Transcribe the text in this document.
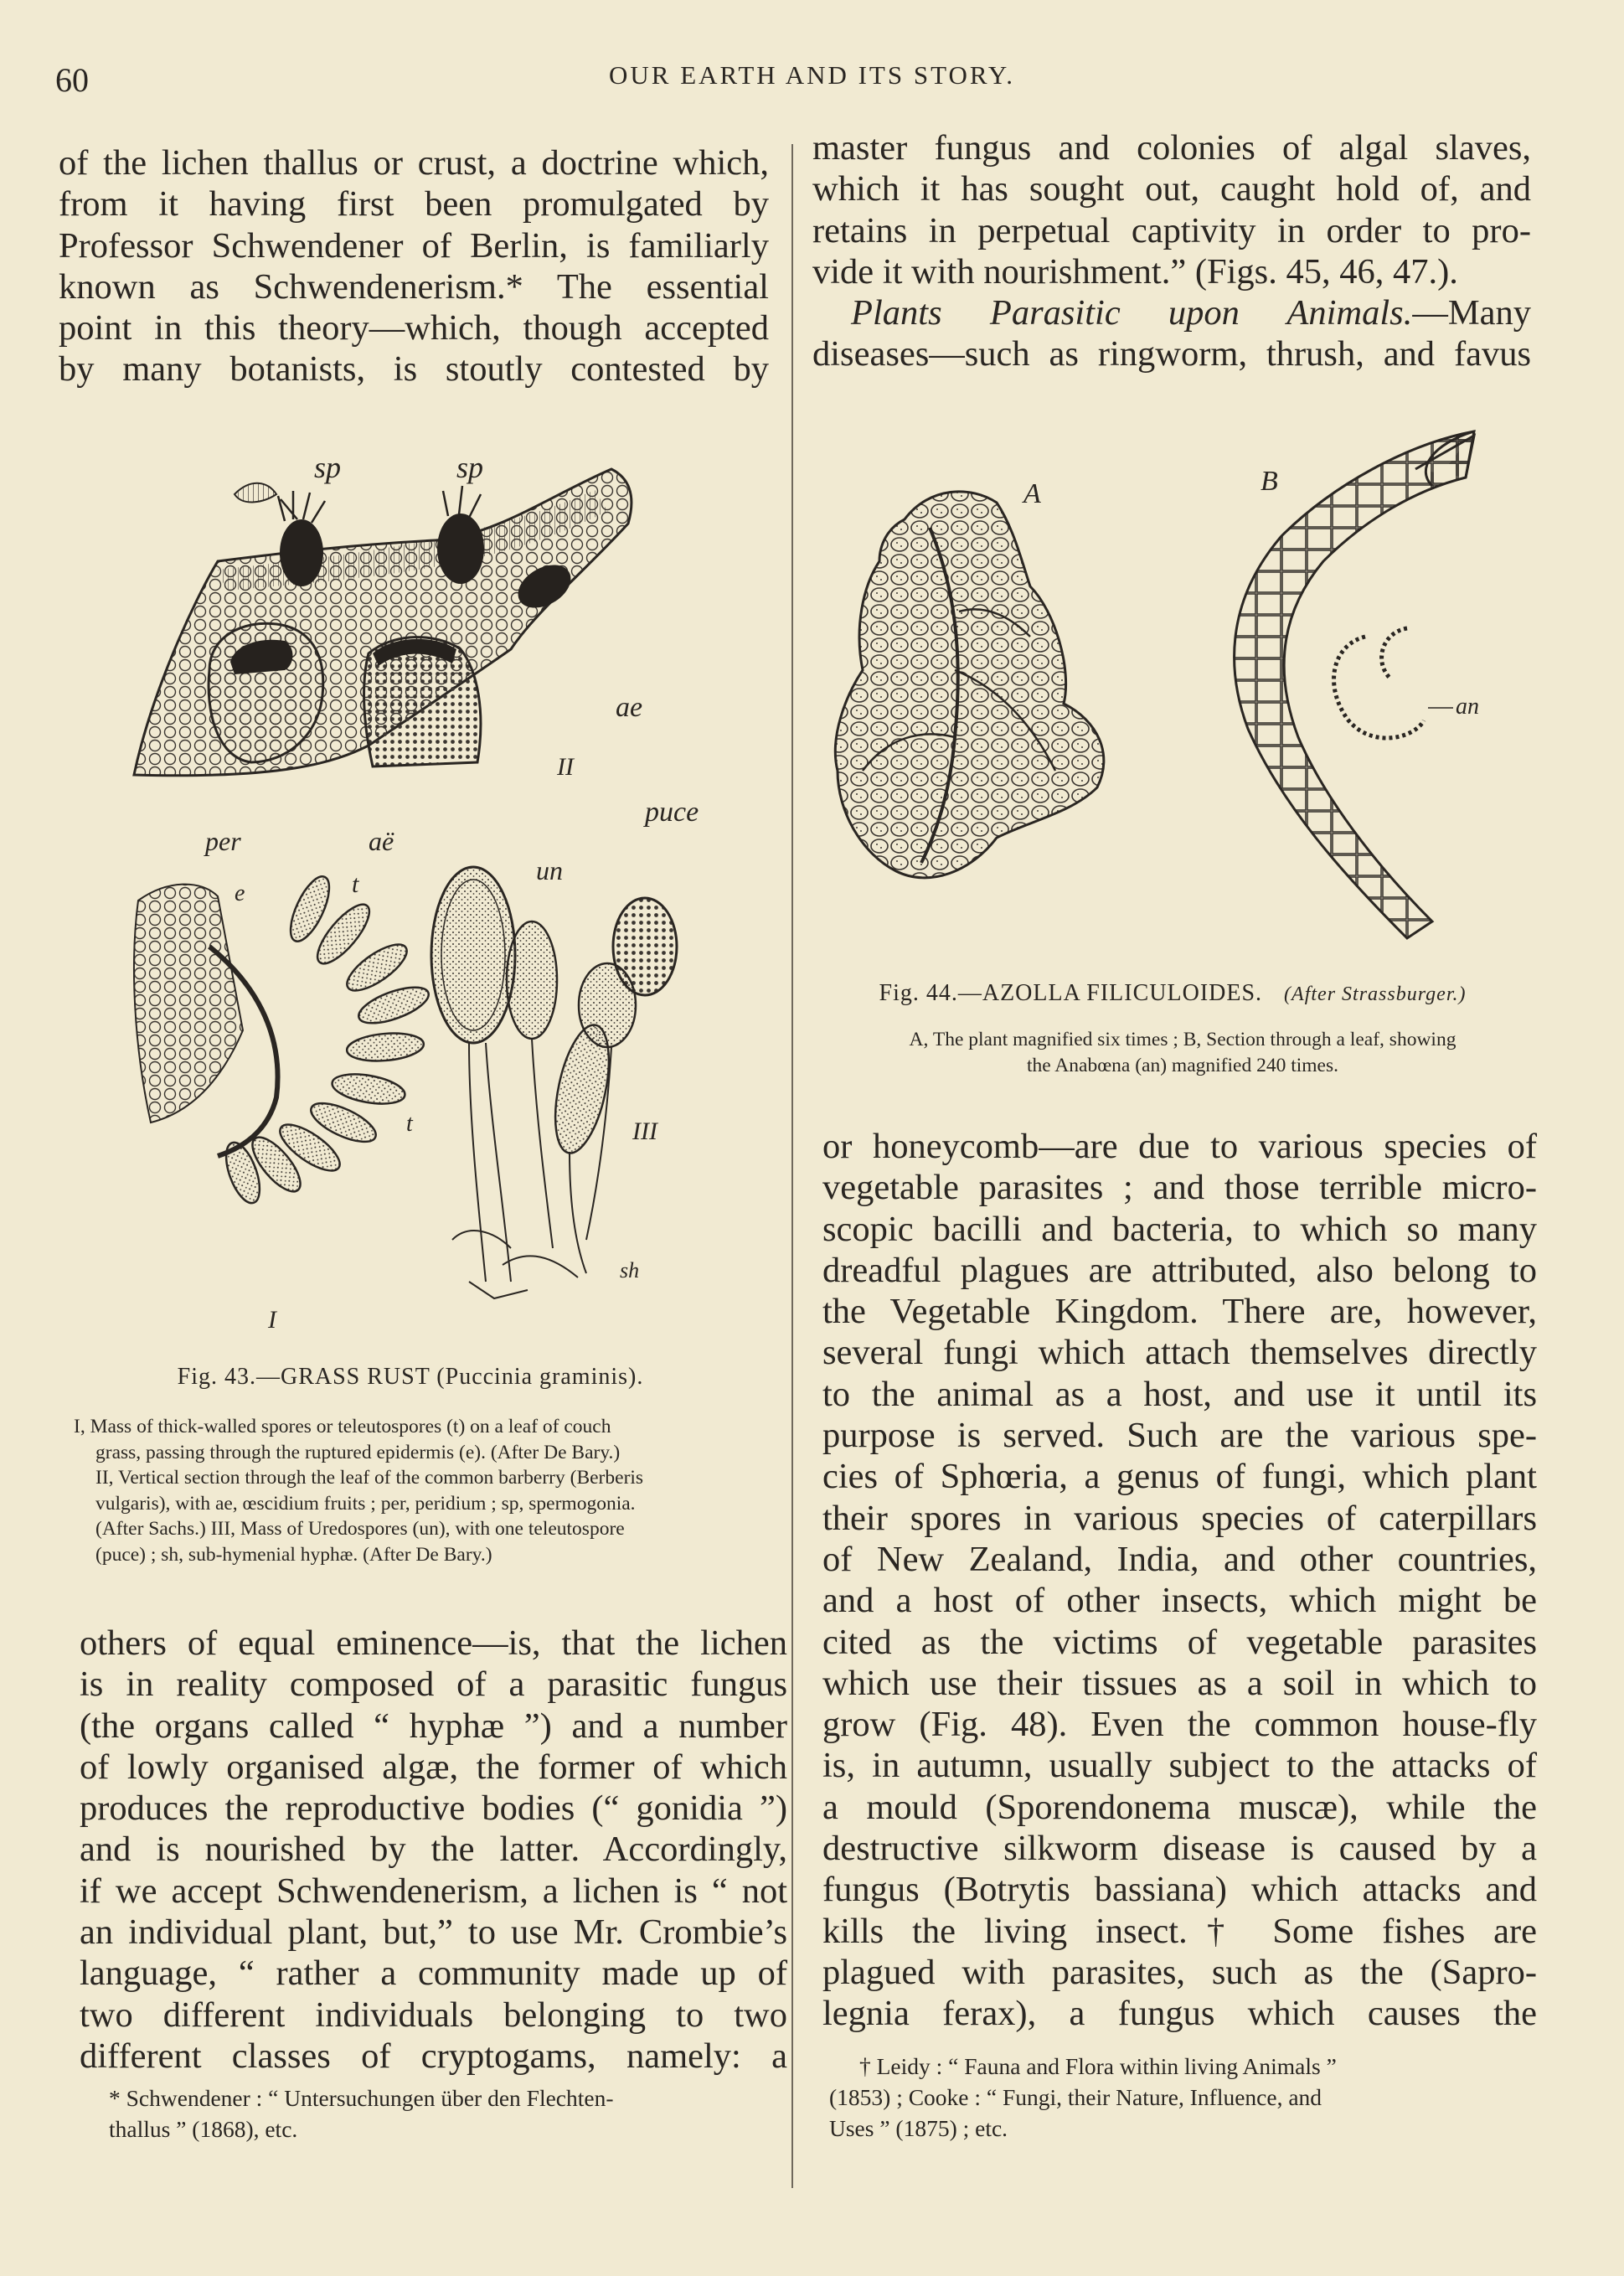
60	OUR EARTH AND ITS STORY.
of the lichen thallus or crust, a doctrine which,
from it having first been promulgated by
Professor Schwendener of Berlin, is familiarly
known as Schwendenerism.* The essential
point in this theory—which, though accepted
by many botanists, is stoutly contested by
sp	sp
ae
II
per	aë
puce
e	t
t
I
un
III
sh
Fig. 43.—GRASS RUST (Puccinia graminis).
I, Mass of thick-walled spores or teleutospores (t) on a leaf of couch
grass, passing through the ruptured epidermis (e). (After De Bary.)
II, Vertical section through the leaf of the common barberry (Berberis
vulgaris), with ae, œscidium fruits ; per, peridium ; sp, spermogonia.
(After Sachs.) III, Mass of Uredospores (un), with one teleutospore
(puce) ; sh, sub-hymenial hyphæ. (After De Bary.)
others of equal eminence—is, that the lichen
is in reality composed of a parasitic fungus
(the organs called “ hyphæ ”) and a number
of lowly organised algæ, the former of which
produces the reproductive bodies (“ gonidia ”)
and is nourished by the latter. Accordingly,
if we accept Schwendenerism, a lichen is “ not
an individual plant, but,” to use Mr. Crombie’s
language, “ rather a community made up of
two different individuals belonging to two
different classes of cryptogams, namely: a
* Schwendener : “ Untersuchungen über den Flechten-
thallus ” (1868), etc.
master fungus and colonies of algal slaves,
which it has sought out, caught hold of, and
retains in perpetual captivity in order to pro-
vide it with nourishment.” (Figs. 45, 46, 47.).
Plants Parasitic upon Animals.—Many
diseases—such as ringworm, thrush, and favus
A	B
an
Fig. 44.—AZOLLA FILICULOIDES. (After Strassburger.)
A, The plant magnified six times ; B, Section through a leaf, showing
the Anabœna (an) magnified 240 times.
or honeycomb—are due to various species of
vegetable parasites ; and those terrible micro-
scopic bacilli and bacteria, to which so many
dreadful plagues are attributed, also belong to
the Vegetable Kingdom. There are, however,
several fungi which attach themselves directly
to the animal as a host, and use it until its
purpose is served. Such are the various spe-
cies of Sphœria, a genus of fungi, which plant
their spores in various species of caterpillars
of New Zealand, India, and other countries,
and a host of other insects, which might be
cited as the victims of vegetable parasites
which use their tissues as a soil in which to
grow (Fig. 48). Even the common house-fly
is, in autumn, usually subject to the attacks of
a mould (Sporendonema muscæ), while the
destructive silkworm disease is caused by a
fungus (Botrytis bassiana) which attacks and
kills the living insect.† Some fishes are
plagued with parasites, such as the (Sapro-
legnia ferax), a fungus which causes the
† Leidy : “ Fauna and Flora within living Animals ”
(1853) ; Cooke : “ Fungi, their Nature, Influence, and
Uses ” (1875) ; etc.
